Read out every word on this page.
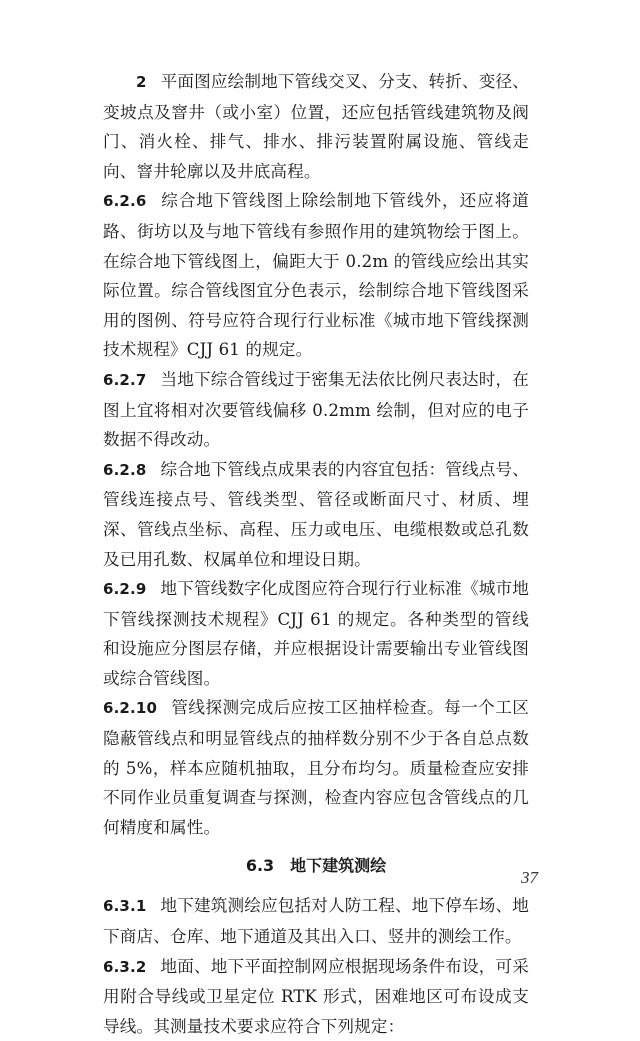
2 平面图应绘制地下管线交叉、分支、转折、变径、变坡点及窨井（或小室）位置，还应包括管线建筑物及阀门、消火栓、排气、排水、排污装置附属设施、管线走向、窨井轮廓以及井底高程。

6.2.6 综合地下管线图上除绘制地下管线外，还应将道路、街坊以及与地下管线有参照作用的建筑物绘于图上。在综合地下管线图上，偏距大于 0.2m 的管线应绘出其实际位置。综合管线图宜分色表示，绘制综合地下管线图采用的图例、符号应符合现行行业标准《城市地下管线探测技术规程》CJJ 61 的规定。

6.2.7 当地下综合管线过于密集无法依比例尺表达时，在图上宜将相对次要管线偏移 0.2mm 绘制，但对应的电子数据不得改动。

6.2.8 综合地下管线点成果表的内容宜包括：管线点号、管线连接点号、管线类型、管径或断面尺寸、材质、埋深、管线点坐标、高程、压力或电压、电缆根数或总孔数及已用孔数、权属单位和埋设日期。

6.2.9 地下管线数字化成图应符合现行行业标准《城市地下管线探测技术规程》CJJ 61 的规定。各种类型的管线和设施应分图层存储，并应根据设计需要输出专业管线图或综合管线图。

6.2.10 管线探测完成后应按工区抽样检查。每一个工区隐蔽管线点和明显管线点的抽样数分别不少于各自总点数的 5%，样本应随机抽取，且分布均匀。质量检查应安排不同作业员重复调查与探测，检查内容应包含管线点的几何精度和属性。

6.3 地下建筑测绘

6.3.1 地下建筑测绘应包括对人防工程、地下停车场、地下商店、仓库、地下通道及其出入口、竖井的测绘工作。

6.3.2 地面、地下平面控制网应根据现场条件布设，可采用附合导线或卫星定位 RTK 形式，困难地区可布设成支导线。其测量技术要求应符合下列规定：

37
